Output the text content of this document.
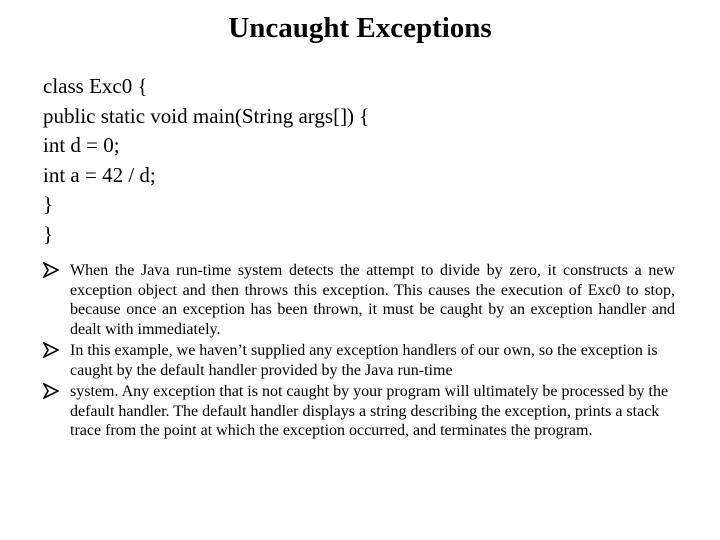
Uncaught Exceptions
class Exc0 {
public static void main(String args[]) {
int d = 0;
int a = 42 / d;
}
}
When the Java run-time system detects the attempt to divide by zero, it constructs a new exception object and then throws this exception. This causes the execution of Exc0 to stop, because once an exception has been thrown, it must be caught by an exception handler and dealt with immediately.
In this example, we haven’t supplied any exception handlers of our own, so the exception is caught by the default handler provided by the Java run-time
system. Any exception that is not caught by your program will ultimately be processed by the default handler. The default handler displays a string describing the exception, prints a stack trace from the point at which the exception occurred, and terminates the program.
